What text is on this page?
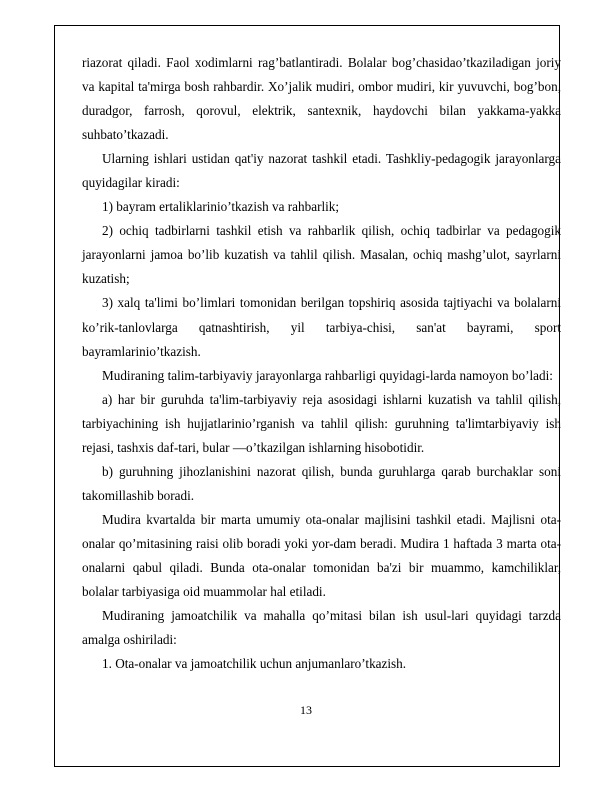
riazorat qiladi. Faol xodimlarni rag’batlantiradi. Bolalar bog’chasidao’tkaziladigan joriy va kapital ta'mirga bosh rahbardir. Xo’jalik mudiri, ombor mudiri, kir yuvuvchi, bog’bon, duradgor, farrosh, qorovul, elektrik, santexnik, haydovchi bilan yakkama-yakka suhbato’tkazadi.

Ularning ishlari ustidan qat'iy nazorat tashkil etadi. Tashkliy-pedagogik jarayonlarga quyidagilar kiradi:

1) bayram ertaliklarinio’tkazish va rahbarlik;

2) ochiq tadbirlarni tashkil etish va rahbarlik qilish, ochiq tadbirlar va pedagogik jarayonlarni jamoa bo’lib kuzatish va tahlil qilish. Masalan, ochiq mashg’ulot, sayrlarni kuzatish;

3) xalq ta'limi bo’limlari tomonidan berilgan topshiriq asosida tajtiyachi va bolalarni ko’rik-tanlovlarga qatnashtirish, yil tarbiya-chisi, san'at bayrami, sport bayramlarinio’tkazish.

Mudiraning talim-tarbiyaviy jarayonlarga rahbarligi quyidagi-larda namoyon bo’ladi:

a) har bir guruhda ta'lim-tarbiyaviy reja asosidagi ishlarni kuzatish va tahlil qilish, tarbiyachining ish hujjatlarinio’rganish va tahlil qilish: guruhning ta'limtarbiyaviy ish rejasi, tashxis daf-tari, bular —o’tkazilgan ishlarning hisobotidir.

b) guruhning jihozlanishini nazorat qilish, bunda guruhlarga qarab burchaklar soni takomillashib boradi.

Mudira kvartalda bir marta umumiy ota-onalar majlisini tashkil etadi. Majlisni ota-onalar qo’mitasining raisi olib boradi yoki yor-dam beradi. Mudira 1 haftada 3 marta ota-onalarni qabul qiladi. Bunda ota-onalar tomonidan ba'zi bir muammo, kamchiliklar, bolalar tarbiyasiga oid muammolar hal etiladi.

Mudiraning jamoatchilik va mahalla qo’mitasi bilan ish usul-lari quyidagi tarzda amalga oshiriladi:

1. Ota-onalar va jamoatchilik uchun anjumanlaro’tkazish.

13
